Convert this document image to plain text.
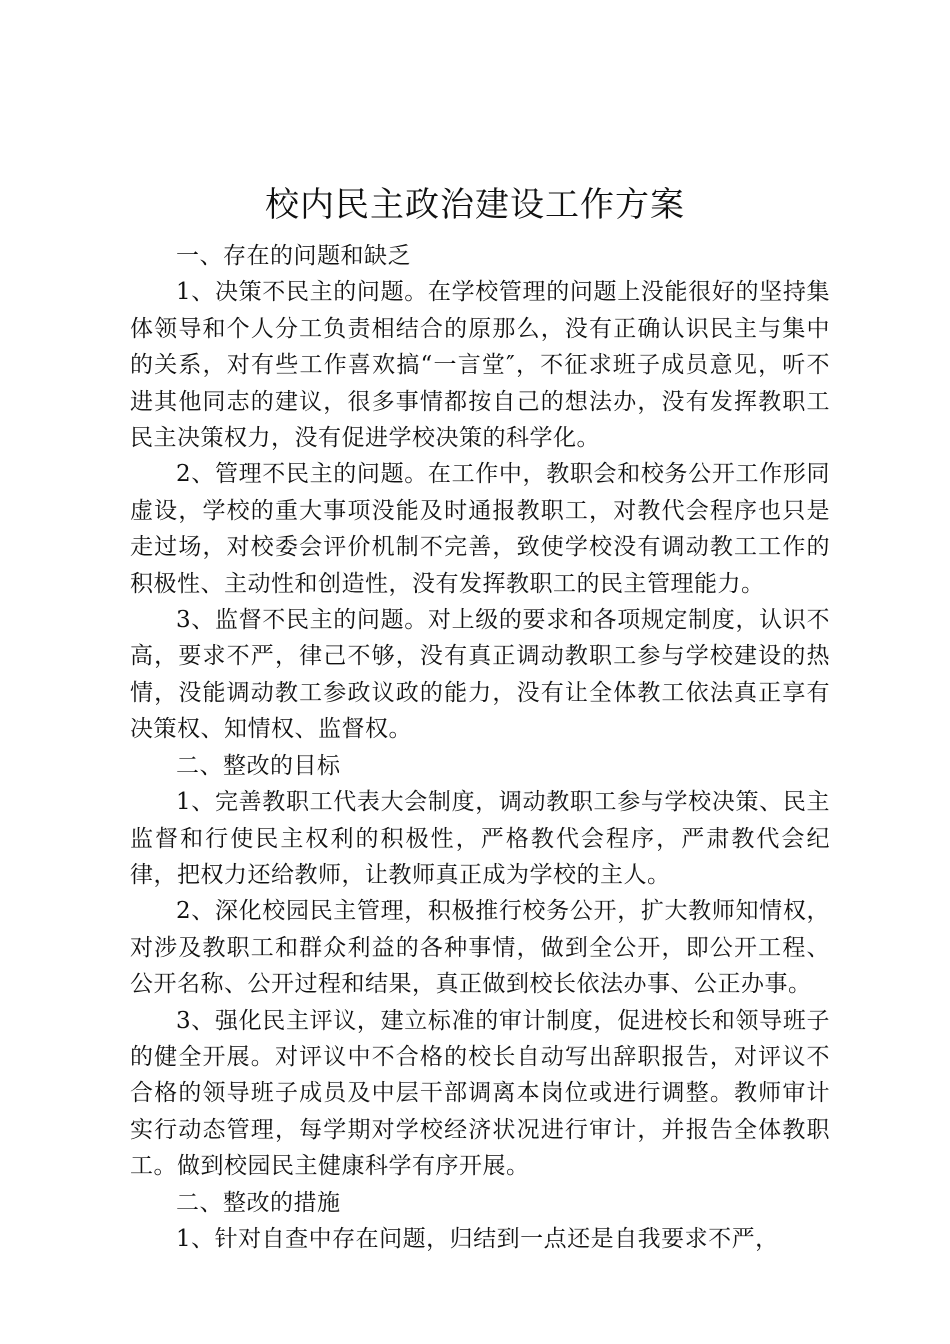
校内民主政治建设工作方案

一、存在的问题和缺乏

1、决策不民主的问题。在学校管理的问题上没能很好的坚持集体领导和个人分工负责相结合的原那么，没有正确认识民主与集中的关系，对有些工作喜欢搞“一言堂″，不征求班子成员意见，听不进其他同志的建议，很多事情都按自己的想法办，没有发挥教职工民主决策权力，没有促进学校决策的科学化。

2、管理不民主的问题。在工作中，教职会和校务公开工作形同虚设，学校的重大事项没能及时通报教职工，对教代会程序也只是走过场，对校委会评价机制不完善，致使学校没有调动教工工作的积极性、主动性和创造性，没有发挥教职工的民主管理能力。

3、监督不民主的问题。对上级的要求和各项规定制度，认识不高，要求不严，律己不够，没有真正调动教职工参与学校建设的热情，没能调动教工参政议政的能力，没有让全体教工依法真正享有决策权、知情权、监督权。

二、整改的目标

1、完善教职工代表大会制度，调动教职工参与学校决策、民主监督和行使民主权利的积极性，严格教代会程序，严肃教代会纪律，把权力还给教师，让教师真正成为学校的主人。

2、深化校园民主管理，积极推行校务公开，扩大教师知情权，对涉及教职工和群众利益的各种事情，做到全公开，即公开工程、公开名称、公开过程和结果，真正做到校长依法办事、公正办事。

3、强化民主评议，建立标准的审计制度，促进校长和领导班子的健全开展。对评议中不合格的校长自动写出辞职报告，对评议不合格的领导班子成员及中层干部调离本岗位或进行调整。教师审计实行动态管理，每学期对学校经济状况进行审计，并报告全体教职工。做到校园民主健康科学有序开展。

二、整改的措施

1、针对自查中存在问题，归结到一点还是自我要求不严，
